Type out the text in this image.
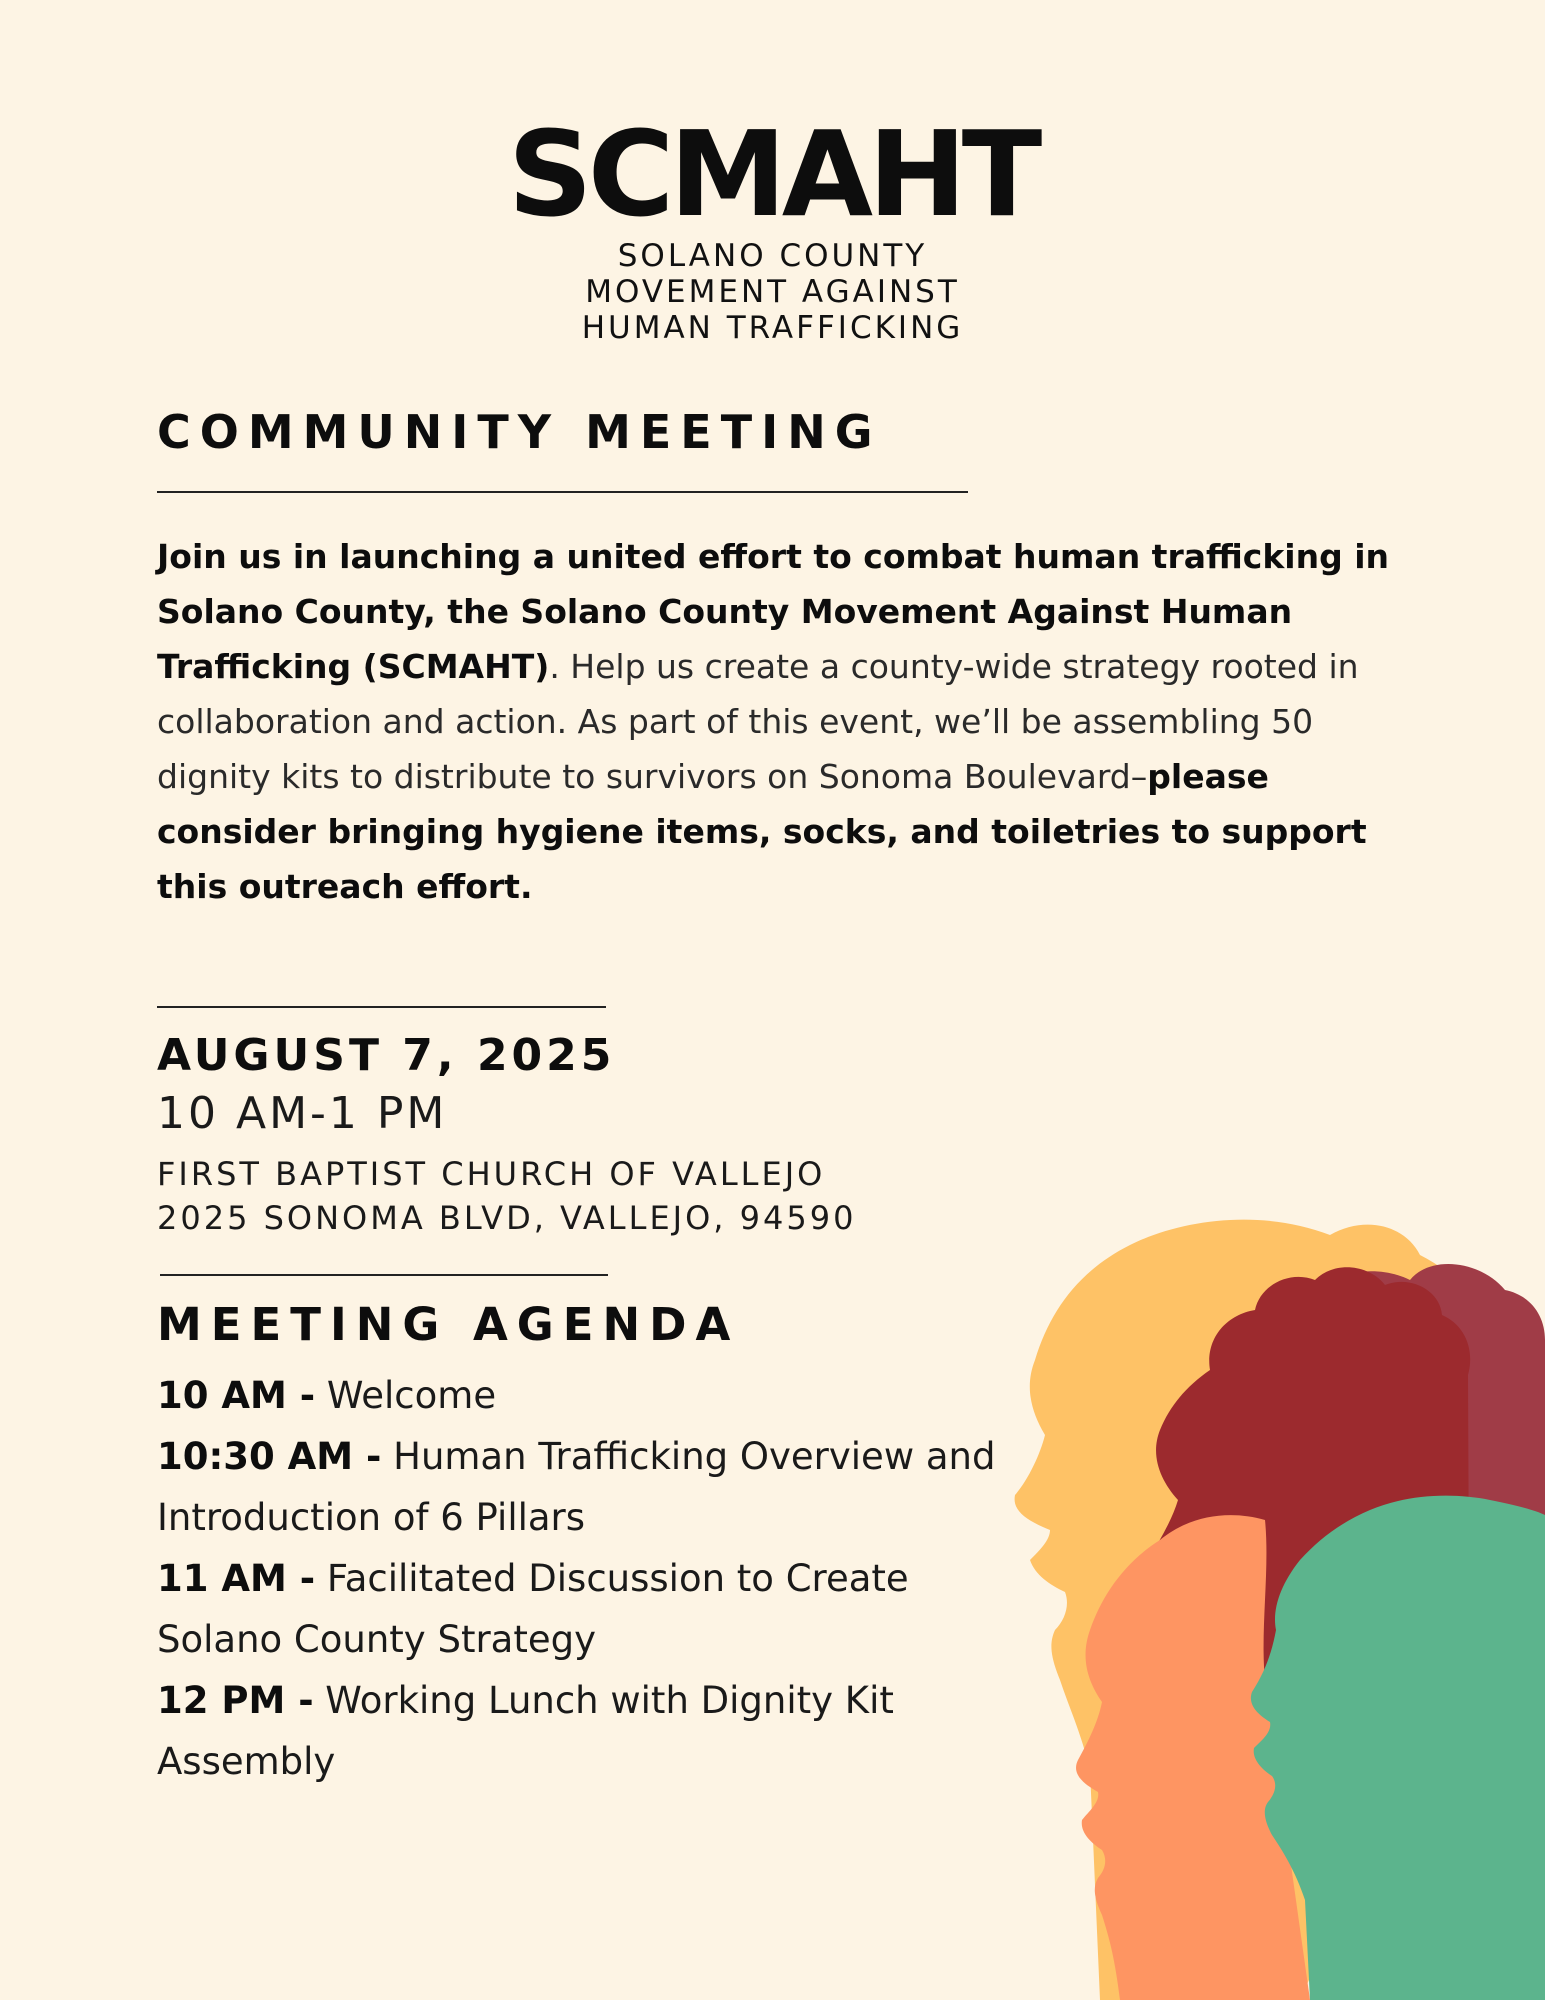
SCMAHT
SOLANO COUNTY
MOVEMENT AGAINST
HUMAN TRAFFICKING
COMMUNITY MEETING
Join us in launching a united effort to combat human trafficking in Solano County, the Solano County Movement Against Human Trafficking (SCMAHT). Help us create a county-wide strategy rooted in collaboration and action. As part of this event, we’ll be assembling 50 dignity kits to distribute to survivors on Sonoma Boulevard–please consider bringing hygiene items, socks, and toiletries to support this outreach effort.
AUGUST 7, 2025
10 AM-1 PM
FIRST BAPTIST CHURCH OF VALLEJO
2025 SONOMA BLVD, VALLEJO, 94590
MEETING AGENDA
10 AM - Welcome
10:30 AM - Human Trafficking Overview and Introduction of 6 Pillars
11 AM - Facilitated Discussion to Create Solano County Strategy
12 PM - Working Lunch with Dignity Kit Assembly
